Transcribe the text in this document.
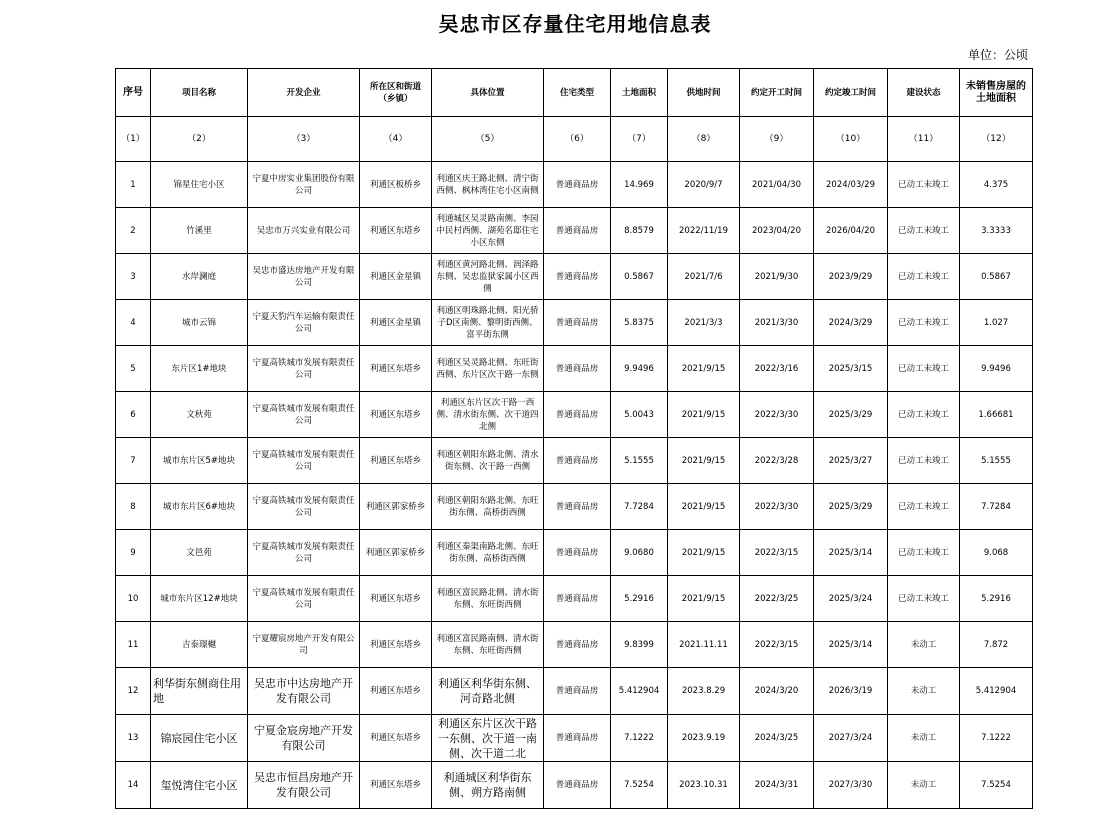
吴忠市区存量住宅用地信息表
单位：公顷
序号	项目名称	开发企业	所在区和街道（乡镇）	具体位置	住宅类型	土地面积	供地时间	约定开工时间	约定竣工时间	建设状态	未销售房屋的土地面积
（1）	（2）	（3）	（4）	（5）	（6）	（7）	（8）	（9）	（10）	（11）	（12）
1	锦星住宅小区	宁夏中房实业集团股份有限公司	利通区板桥乡	利通区庆王路北侧、清宁街西侧、枫林湾住宅小区南侧	普通商品房	14.969	2020/9/7	2021/04/30	2024/03/29	已动工未竣工	4.375
2	竹溪里	吴忠市万兴实业有限公司	利通区东塔乡	利通城区吴灵路南侧、李园中民村西侧、湖苑名邸住宅小区东侧	普通商品房	8.8579	2022/11/19	2023/04/20	2026/04/20	已动工未竣工	3.3333
3	水岸澜庭	吴忠市盛达房地产开发有限公司	利通区金星镇	利通区黄河路北侧、润泽路东侧、吴忠监狱家属小区西侧	普通商品房	0.5867	2021/7/6	2021/9/30	2023/9/29	已动工未竣工	0.5867
4	城市云锦	宁夏天豹汽车运输有限责任公司	利通区金星镇	利通区明珠路北侧、阳光骄子D区南侧、黎明街西侧、富平街东侧	普通商品房	5.8375	2021/3/3	2021/3/30	2024/3/29	已动工未竣工	1.027
5	东片区1#地块	宁夏高铁城市发展有限责任公司	利通区东塔乡	利通区吴灵路北侧、东旺街西侧、东片区次干路一东侧	普通商品房	9.9496	2021/9/15	2022/3/16	2025/3/15	已动工未竣工	9.9496
6	文秋苑	宁夏高铁城市发展有限责任公司	利通区东塔乡	利通区东片区次干路一西侧、清水街东侧、次干道四北侧	普通商品房	5.0043	2021/9/15	2022/3/30	2025/3/29	已动工未竣工	1.66681
7	城市东片区5#地块	宁夏高铁城市发展有限责任公司	利通区东塔乡	利通区朝阳东路北侧、清水街东侧、次干路一西侧	普通商品房	5.1555	2021/9/15	2022/3/28	2025/3/27	已动工未竣工	5.1555
8	城市东片区6#地块	宁夏高铁城市发展有限责任公司	利通区郭家桥乡	利通区朝阳东路北侧、东旺街东侧、高桥街西侧	普通商品房	7.7284	2021/9/15	2022/3/30	2025/3/29	已动工未竣工	7.7284
9	文邑苑	宁夏高铁城市发展有限责任公司	利通区郭家桥乡	利通区秦渠南路北侧、东旺街东侧、高桥街西侧	普通商品房	9.0680	2021/9/15	2022/3/15	2025/3/14	已动工未竣工	9.068
10	城市东片区12#地块	宁夏高铁城市发展有限责任公司	利通区东塔乡	利通区富民路北侧、清水街东侧、东旺街西侧	普通商品房	5.2916	2021/9/15	2022/3/25	2025/3/24	已动工未竣工	5.2916
11	吉泰璟樾	宁夏耀宸房地产开发有限公司	利通区东塔乡	利通区富民路南侧、清水街东侧、东旺街西侧	普通商品房	9.8399	2021.11.11	2022/3/15	2025/3/14	未动工	7.872
12	利华街东侧商住用地	吴忠市中达房地产开发有限公司	利通区东塔乡	利通区利华街东侧、河奇路北侧	普通商品房	5.412904	2023.8.29	2024/3/20	2026/3/19	未动工	5.412904
13	锦宸园住宅小区	宁夏金宸房地产开发有限公司	利通区东塔乡	利通区东片区次干路一东侧、次干道一南侧、次干道二北	普通商品房	7.1222	2023.9.19	2024/3/25	2027/3/24	未动工	7.1222
14	玺悦湾住宅小区	吴忠市恒昌房地产开发有限公司	利通区东塔乡	利通城区利华街东侧、朔方路南侧	普通商品房	7.5254	2023.10.31	2024/3/31	2027/3/30	未动工	7.5254
